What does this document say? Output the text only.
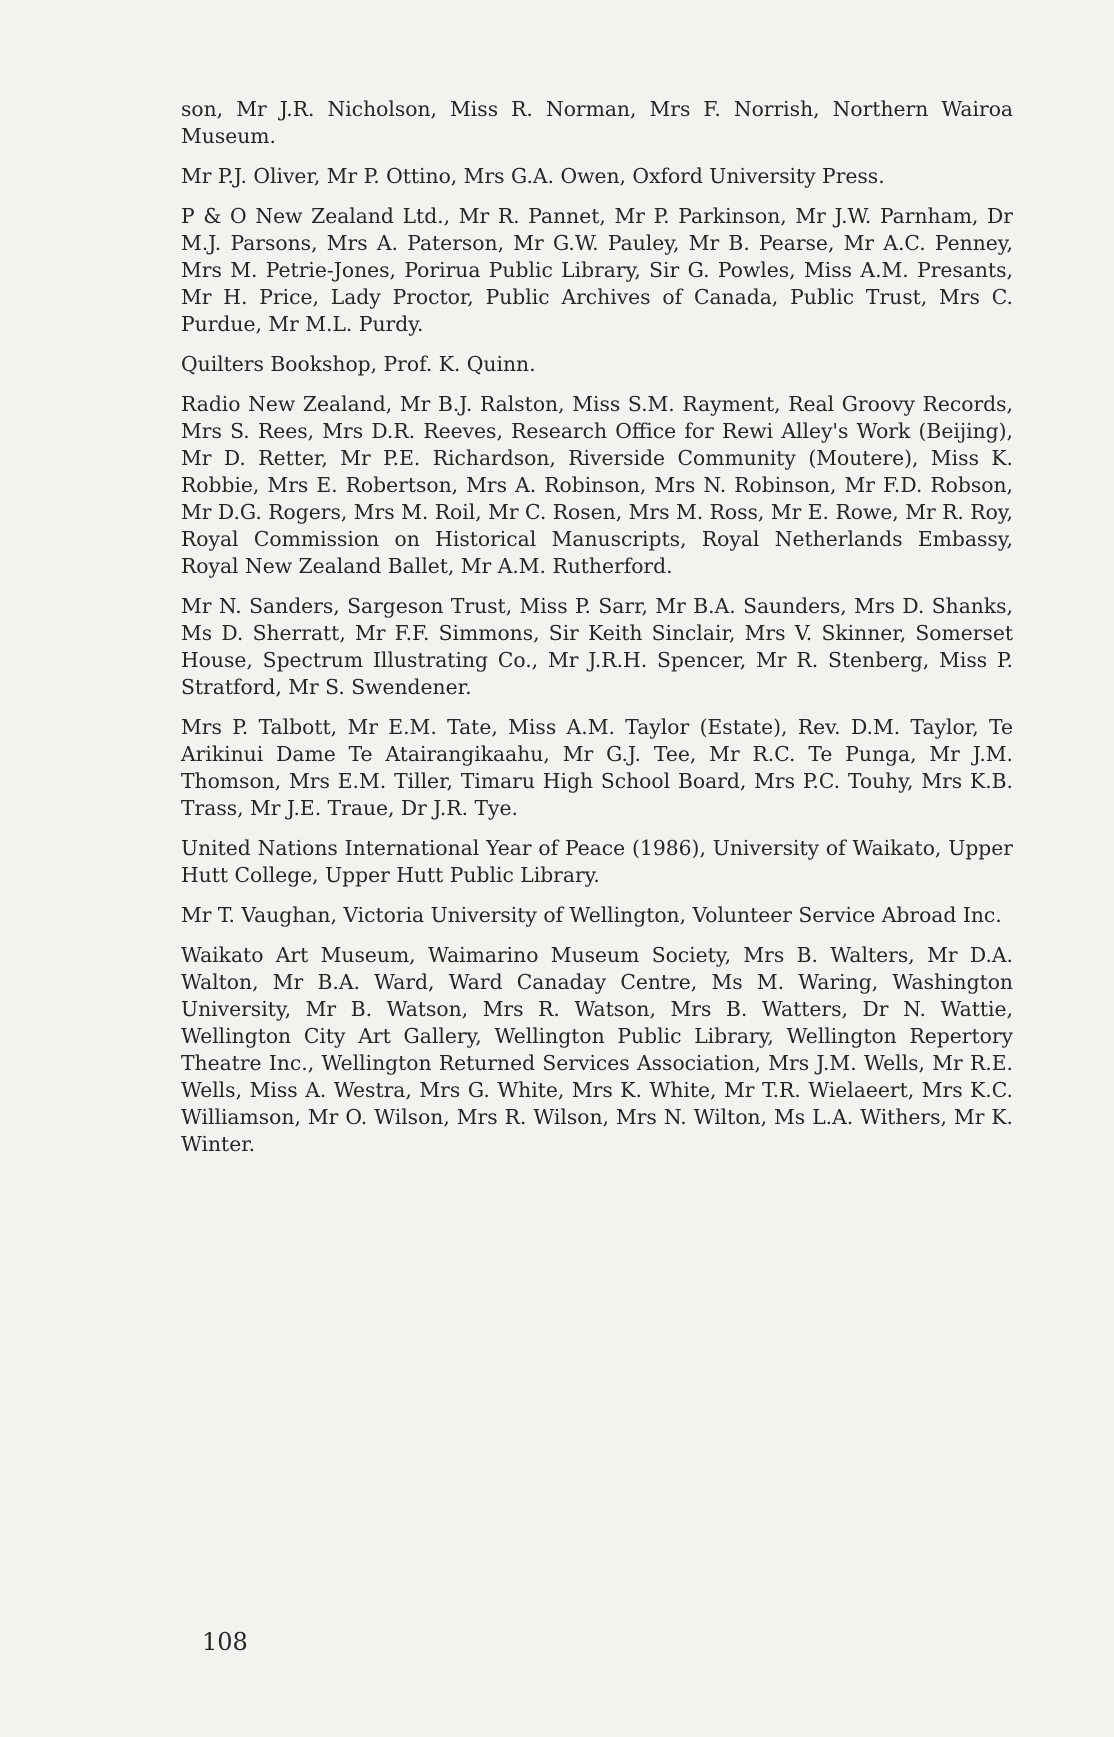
son, Mr J.R. Nicholson, Miss R. Norman, Mrs F. Norrish, Northern Wairoa Museum.

Mr P.J. Oliver, Mr P. Ottino, Mrs G.A. Owen, Oxford University Press.

P & O New Zealand Ltd., Mr R. Pannet, Mr P. Parkinson, Mr J.W. Parnham, Dr M.J. Parsons, Mrs A. Paterson, Mr G.W. Pauley, Mr B. Pearse, Mr A.C. Penney, Mrs M. Petrie-Jones, Porirua Public Library, Sir G. Powles, Miss A.M. Presants, Mr H. Price, Lady Proctor, Public Archives of Canada, Public Trust, Mrs C. Purdue, Mr M.L. Purdy.

Quilters Bookshop, Prof. K. Quinn.

Radio New Zealand, Mr B.J. Ralston, Miss S.M. Rayment, Real Groovy Records, Mrs S. Rees, Mrs D.R. Reeves, Research Office for Rewi Alley's Work (Beijing), Mr D. Retter, Mr P.E. Richardson, Riverside Community (Moutere), Miss K. Robbie, Mrs E. Robertson, Mrs A. Robinson, Mrs N. Robinson, Mr F.D. Robson, Mr D.G. Rogers, Mrs M. Roil, Mr C. Rosen, Mrs M. Ross, Mr E. Rowe, Mr R. Roy, Royal Commission on Historical Manuscripts, Royal Netherlands Embassy, Royal New Zealand Ballet, Mr A.M. Rutherford.

Mr N. Sanders, Sargeson Trust, Miss P. Sarr, Mr B.A. Saunders, Mrs D. Shanks, Ms D. Sherratt, Mr F.F. Simmons, Sir Keith Sinclair, Mrs V. Skinner, Somerset House, Spectrum Illustrating Co., Mr J.R.H. Spencer, Mr R. Stenberg, Miss P. Stratford, Mr S. Swendener.

Mrs P. Talbott, Mr E.M. Tate, Miss A.M. Taylor (Estate), Rev. D.M. Taylor, Te Arikinui Dame Te Atairangikaahu, Mr G.J. Tee, Mr R.C. Te Punga, Mr J.M. Thomson, Mrs E.M. Tiller, Timaru High School Board, Mrs P.C. Touhy, Mrs K.B. Trass, Mr J.E. Traue, Dr J.R. Tye.

United Nations International Year of Peace (1986), University of Waikato, Upper Hutt College, Upper Hutt Public Library.

Mr T. Vaughan, Victoria University of Wellington, Volunteer Service Abroad Inc.

Waikato Art Museum, Waimarino Museum Society, Mrs B. Walters, Mr D.A. Walton, Mr B.A. Ward, Ward Canaday Centre, Ms M. Waring, Washington University, Mr B. Watson, Mrs R. Watson, Mrs B. Watters, Dr N. Wattie, Wellington City Art Gallery, Wellington Public Library, Wellington Repertory Theatre Inc., Wellington Returned Services Association, Mrs J.M. Wells, Mr R.E. Wells, Miss A. Westra, Mrs G. White, Mrs K. White, Mr T.R. Wielaeert, Mrs K.C. Williamson, Mr O. Wilson, Mrs R. Wilson, Mrs N. Wilton, Ms L.A. Withers, Mr K. Winter.

108
